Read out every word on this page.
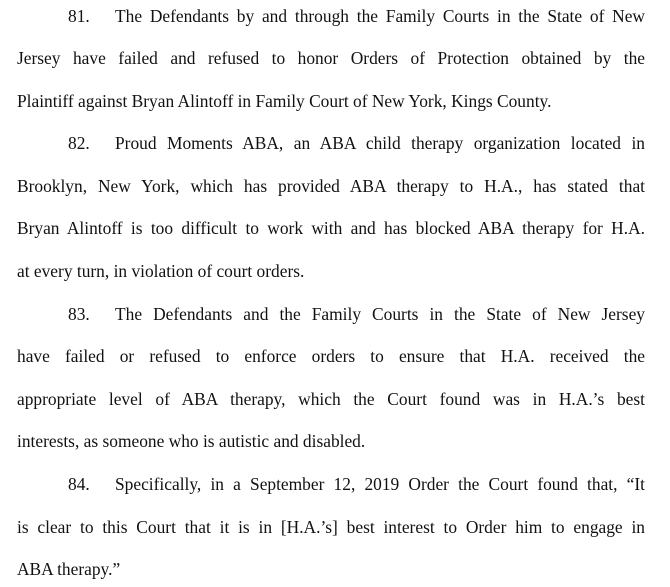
81. The Defendants by and through the Family Courts in the State of New
Jersey have failed and refused to honor Orders of Protection obtained by the
Plaintiff against Bryan Alintoff in Family Court of New York, Kings County.
82. Proud Moments ABA, an ABA child therapy organization located in
Brooklyn, New York, which has provided ABA therapy to H.A., has stated that
Bryan Alintoff is too difficult to work with and has blocked ABA therapy for H.A.
at every turn, in violation of court orders.
83. The Defendants and the Family Courts in the State of New Jersey
have failed or refused to enforce orders to ensure that H.A. received the
appropriate level of ABA therapy, which the Court found was in H.A.’s best
interests, as someone who is autistic and disabled.
84. Specifically, in a September 12, 2019 Order the Court found that, “It
is clear to this Court that it is in [H.A.’s] best interest to Order him to engage in
ABA therapy.”
